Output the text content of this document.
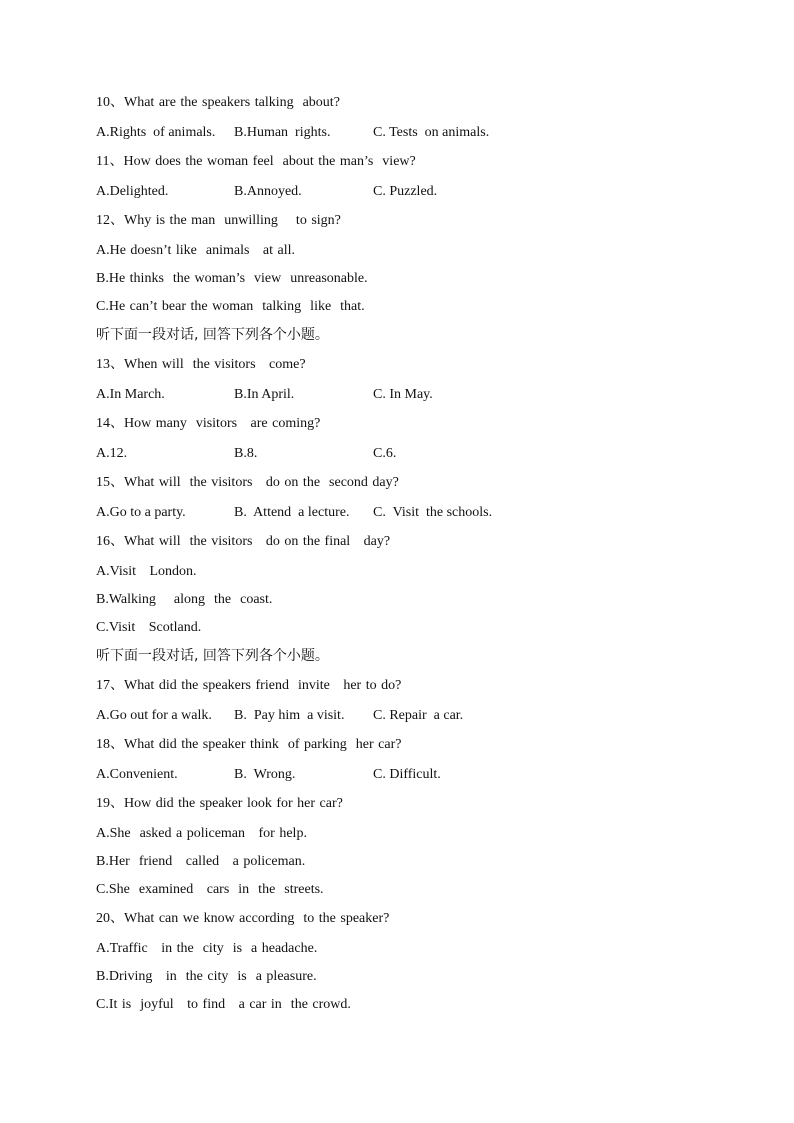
10、What are the speakers talking  about?
A.Rights  of animals.	B.Human  rights.	C. Tests  on animals.
11、How does the woman feel  about the man’s  view?
A.Delighted.	B.Annoyed.	C. Puzzled.
12、Why is the man  unwilling    to sign?
A.He doesn’t like  animals   at all.
B.He thinks  the woman’s  view  unreasonable.
C.He can’t bear the woman  talking  like  that.
听下面一段对话, 回答下列各个小题。
13、When will  the visitors   come?
A.In March.	B.In April.	C. In May.
14、How many  visitors   are coming?
A.12.	B.8.	C.6.
15、What will  the visitors   do on the  second day?
A.Go to a party.	B.  Attend  a lecture.	C.  Visit  the schools.
16、What will  the visitors   do on the final   day?
A.Visit   London.
B.Walking    along  the  coast.
C.Visit   Scotland.
听下面一段对话, 回答下列各个小题。
17、What did the speakers friend  invite   her to do?
A.Go out for a walk.	B.  Pay him  a visit.	C. Repair  a car.
18、What did the speaker think  of parking  her car?
A.Convenient.	B.  Wrong.	C. Difficult.
19、How did the speaker look for her car?
A.She  asked a policeman   for help.
B.Her  friend   called   a policeman.
C.She  examined   cars  in  the  streets.
20、What can we know according  to the speaker?
A.Traffic   in the  city  is  a headache.
B.Driving   in  the city  is  a pleasure.
C.It is  joyful   to find   a car in  the crowd.
